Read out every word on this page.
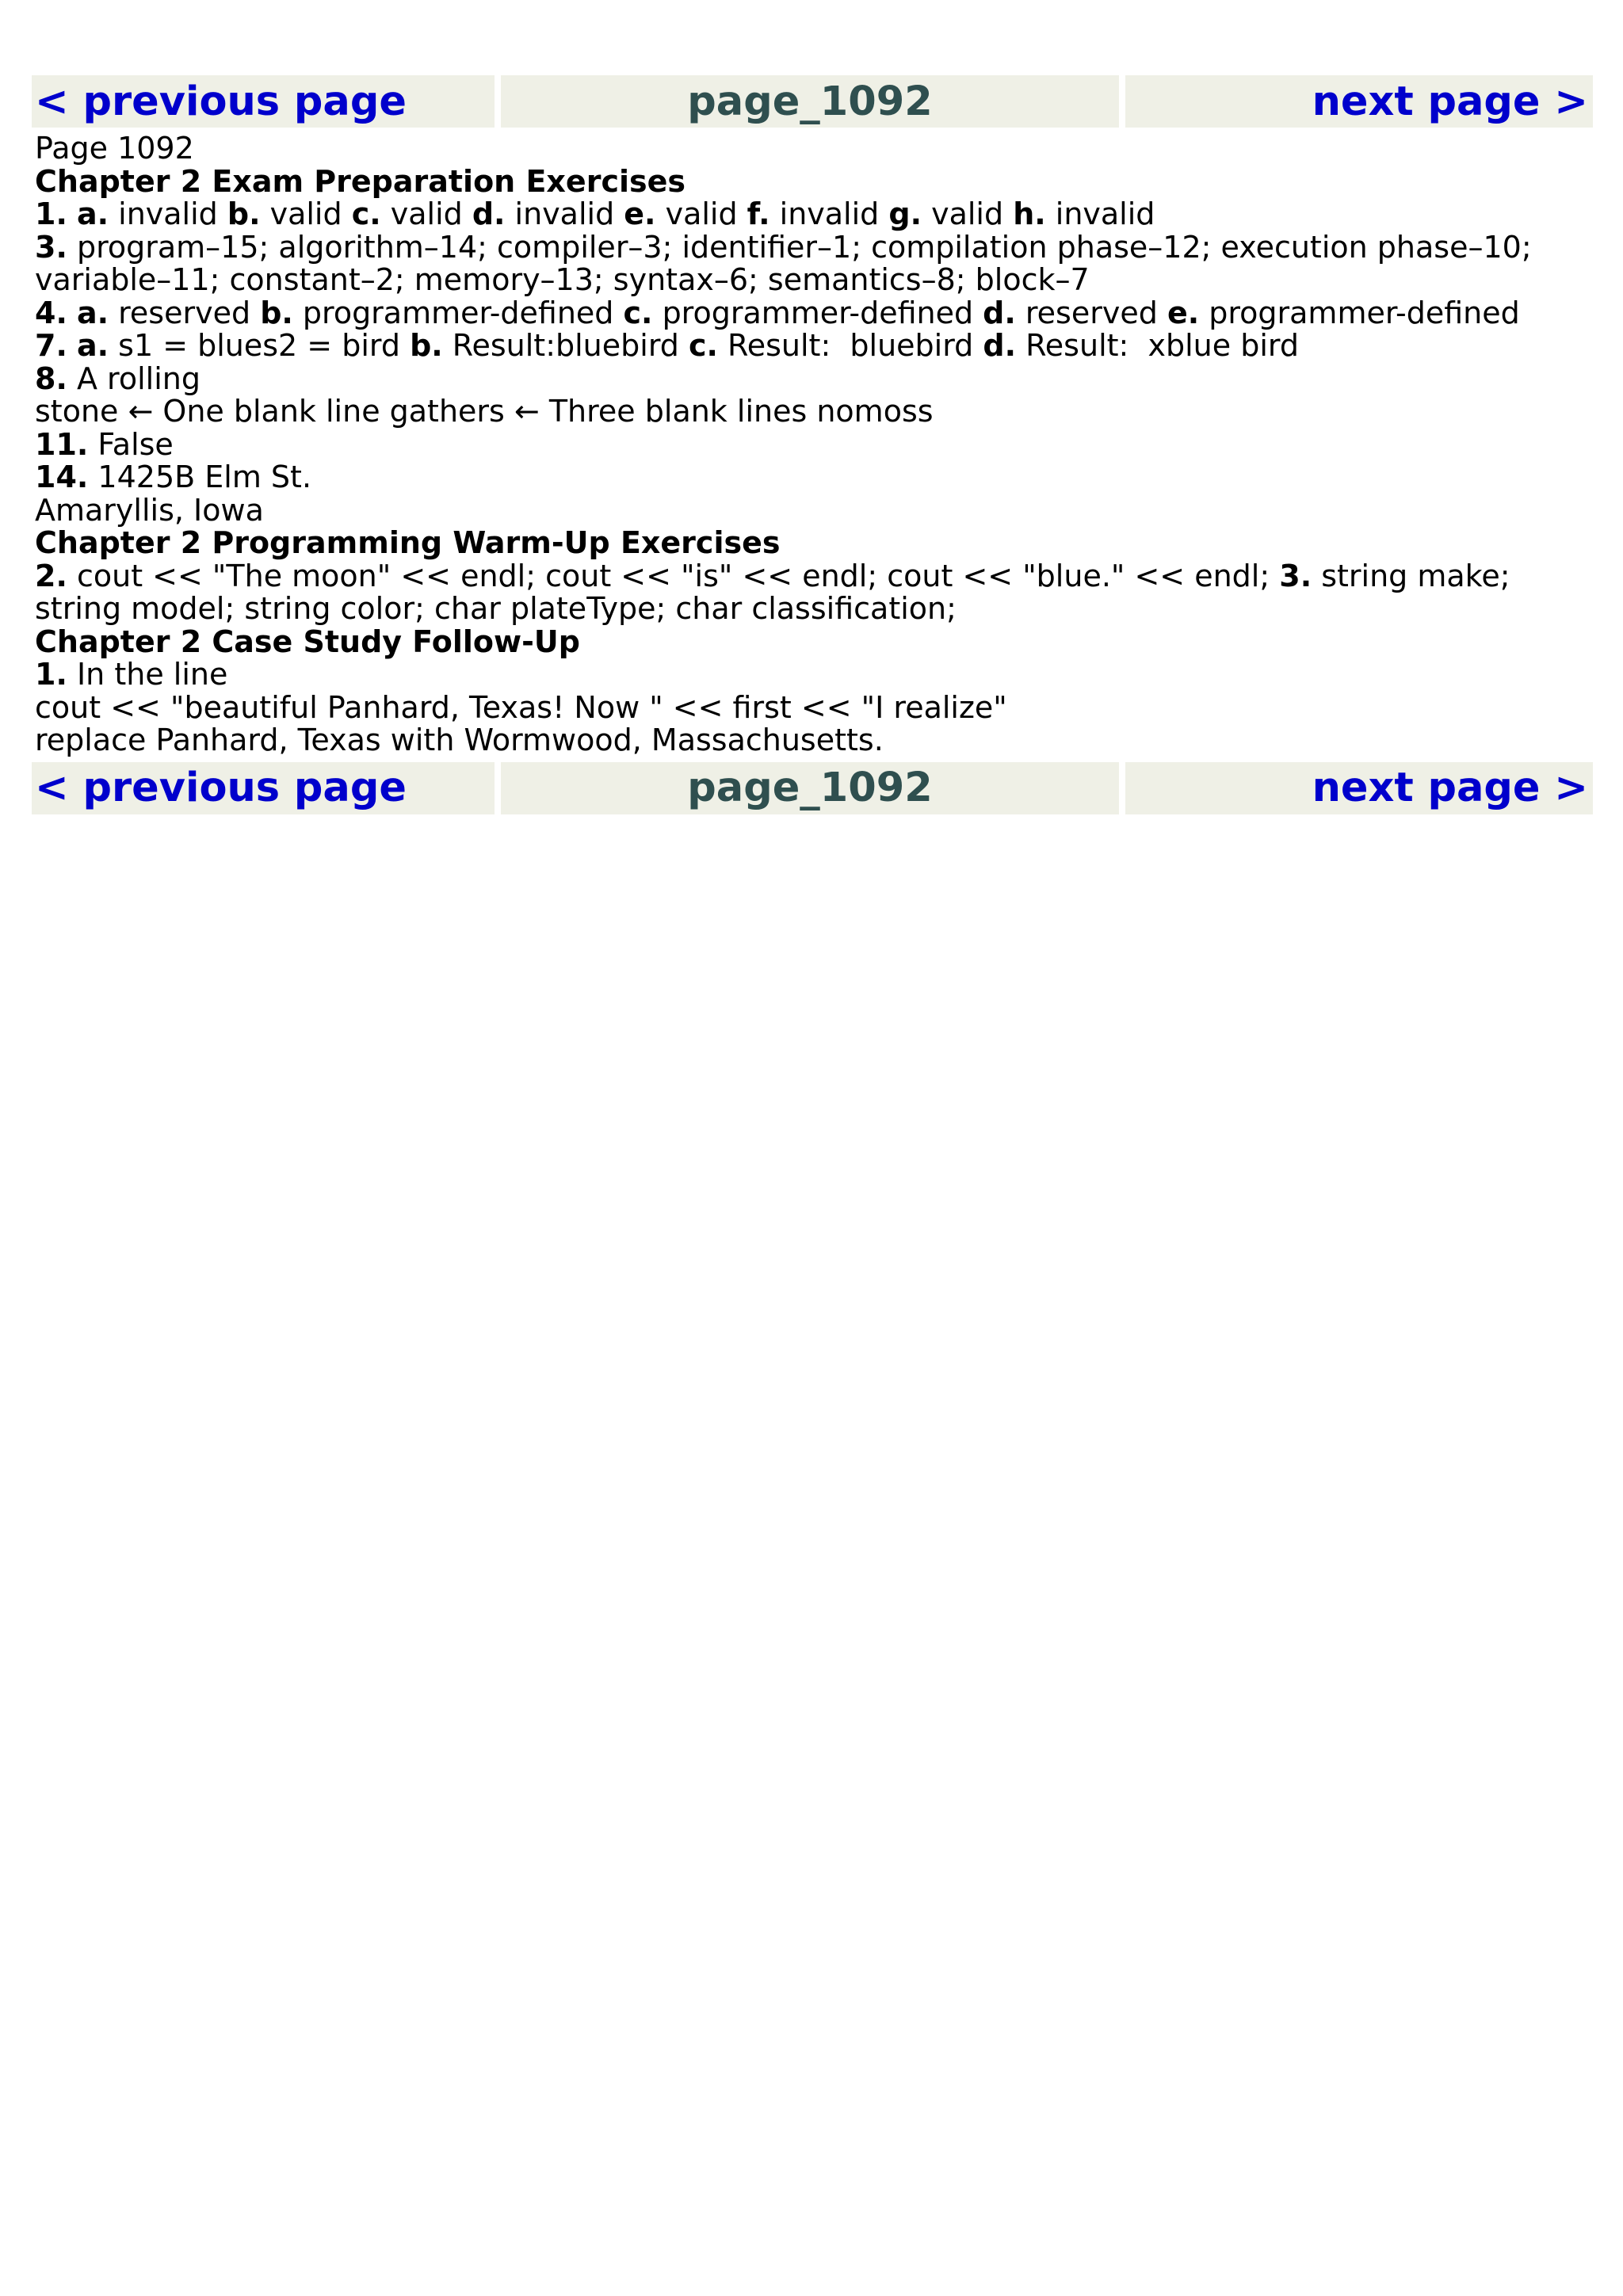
< previous page	page_1092	next page >
Page 1092
Chapter 2 Exam Preparation Exercises
1. a. invalid b. valid c. valid d. invalid e. valid f. invalid g. valid h. invalid
3. program–15; algorithm–14; compiler–3; identifier–1; compilation phase–12; execution phase–10; variable–11; constant–2; memory–13; syntax–6; semantics–8; block–7
4. a. reserved b. programmer-defined c. programmer-defined d. reserved e. programmer-defined
7. a. s1 = blues2 = bird b. Result:bluebird c. Result:  bluebird d. Result:  xblue bird
8. A rolling
stone ← One blank line gathers ← Three blank lines nomoss
11. False
14. 1425B Elm St.
Amaryllis, Iowa
Chapter 2 Programming Warm-Up Exercises
2. cout << "The moon" << endl; cout << "is" << endl; cout << "blue." << endl; 3. string make; string model; string color; char plateType; char classification;
Chapter 2 Case Study Follow-Up
1. In the line
cout << "beautiful Panhard, Texas! Now " << first << "I realize"
replace Panhard, Texas with Wormwood, Massachusetts.
< previous page	page_1092	next page >
